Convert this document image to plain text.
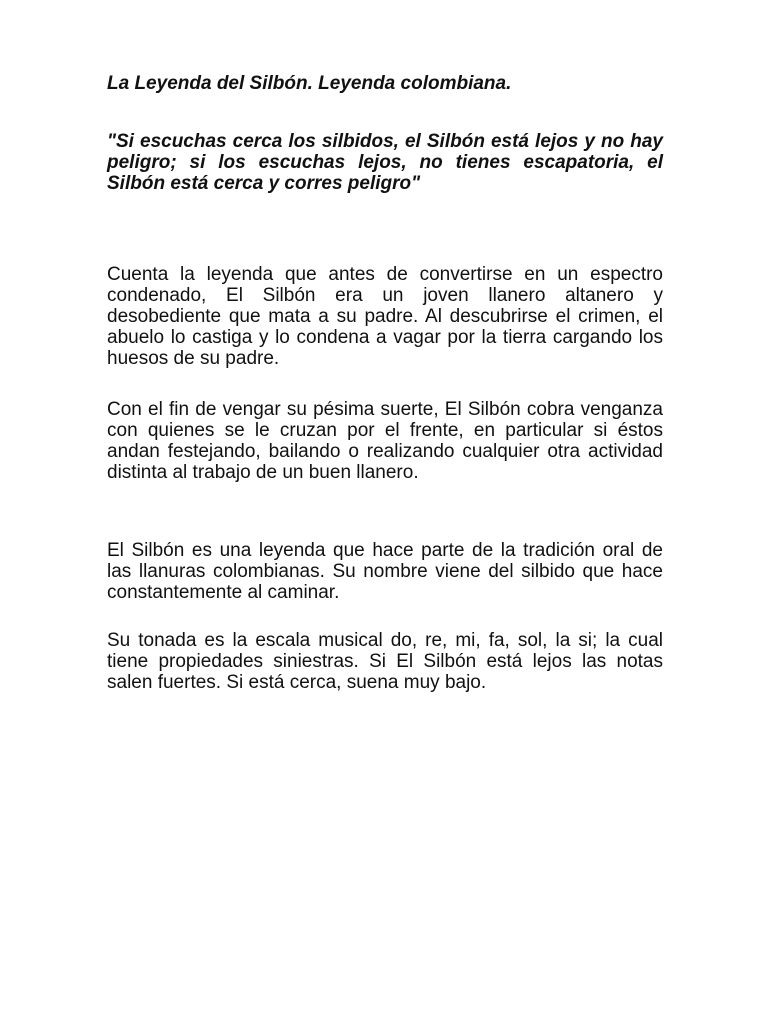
La Leyenda del Silbón. Leyenda colombiana.

"Si escuchas cerca los silbidos, el Silbón está lejos y no hay peligro; si los escuchas lejos, no tienes escapatoria, el Silbón está cerca y corres peligro"

Cuenta la leyenda que antes de convertirse en un espectro condenado, El Silbón era un joven llanero altanero y desobediente que mata a su padre. Al descubrirse el crimen, el abuelo lo castiga y lo condena a vagar por la tierra cargando los huesos de su padre.

Con el fin de vengar su pésima suerte, El Silbón cobra venganza con quienes se le cruzan por el frente, en particular si éstos andan festejando, bailando o realizando cualquier otra actividad distinta al trabajo de un buen llanero.

El Silbón es una leyenda que hace parte de la tradición oral de las llanuras colombianas. Su nombre viene del silbido que hace constantemente al caminar.

Su tonada es la escala musical do, re, mi, fa, sol, la si; la cual tiene propiedades siniestras. Si El Silbón está lejos las notas salen fuertes. Si está cerca, suena muy bajo.
